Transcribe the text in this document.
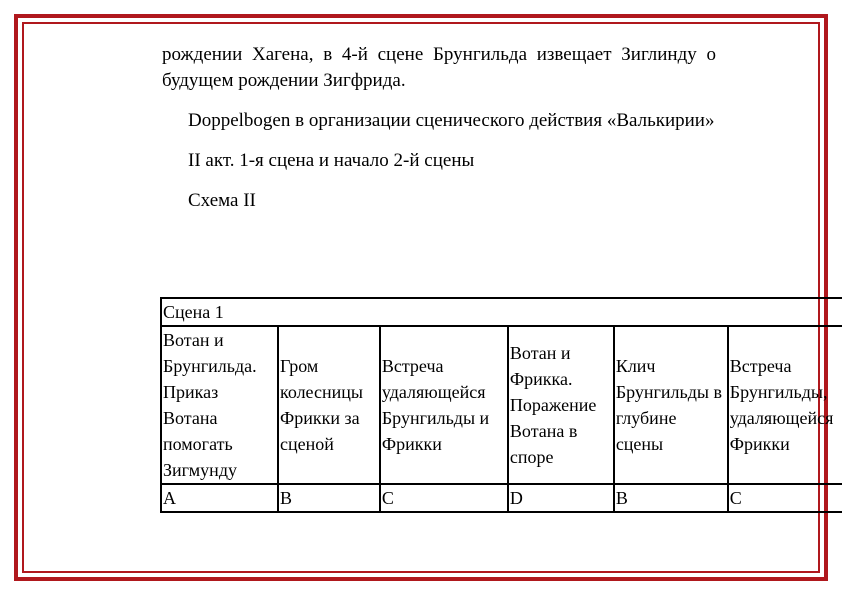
рождении Хагена, в 4-й сцене Брунгильда извещает Зиглинду о будущем рождении Зигфрида.

Doppelbogen в организации сценического действия «Валькирии»

II акт. 1-я сцена и начало 2-й сцены

Схема II

Сцена 1					
Вотан и Брунгильда. Приказ Вотана помогать Зигмунду	Гром колесницы Фрикки за сценой	Встреча удаляющейся Брунгильды и Фрикки	Вотан и Фрикка. Поражение Вотана в споре	Клич Брунгильды в глубине сцены	Встреча Брунгильды, удаляющейся Фрикки
A	B	C	D	B	C
